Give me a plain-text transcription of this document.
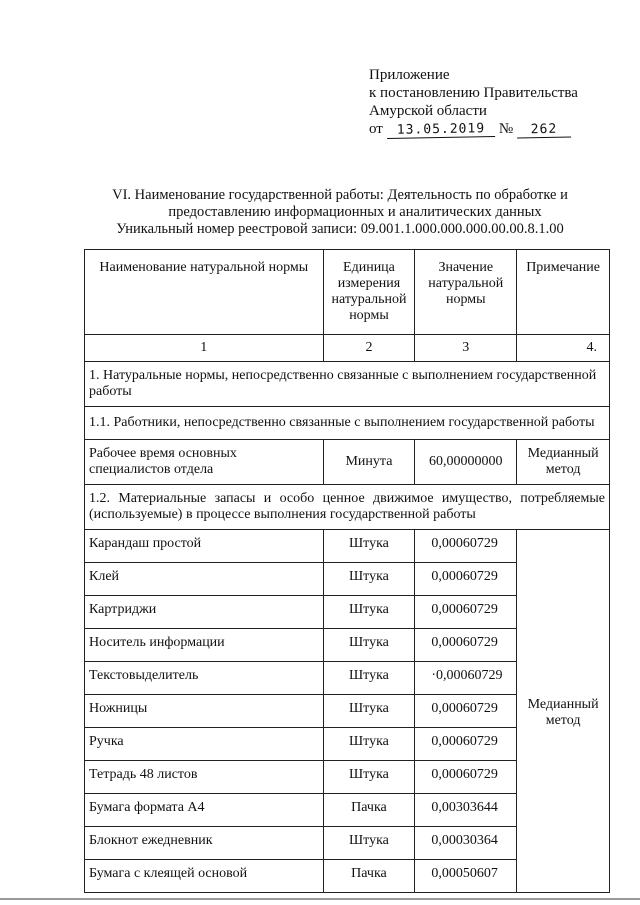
Приложение
к постановлению Правительства
Амурской области
от	13.05.2019 №	262
VI. Наименование государственной работы: Деятельность по обработке и
предоставлению информационных и аналитических данных
Уникальный номер реестровой записи: 09.001.1.000.000.000.00.00.8.1.00
Наименование натуральной нормы	Единица измерения натуральной нормы	Значение натуральной нормы	Примечание
1	2	3	4.
1. Натуральные нормы, непосредственно связанные с выполнением государственной работы			
1.1. Работники, непосредственно связанные с выполнением государственной работы			
Рабочее время основных специалистов отдела	Минута	60,00000000	Медианный метод
1.2. Материальные запасы и особо ценное движимое имущество, потребляемые (используемые) в процессе выполнения государственной работы			
Карандаш простой	Штука	0,00060729	Медианный метод
Клей	Штука	0,00060729	
Картриджи	Штука	0,00060729	
Носитель информации	Штука	0,00060729	
Текстовыделитель	Штука	·0,00060729	
Ножницы	Штука	0,00060729	
Ручка	Штука	0,00060729	
Тетрадь 48 листов	Штука	0,00060729	
Бумага формата А4	Пачка	0,00303644	
Блокнот ежедневник	Штука	0,00030364	
Бумага с клеящей основой	Пачка	0,00050607	
